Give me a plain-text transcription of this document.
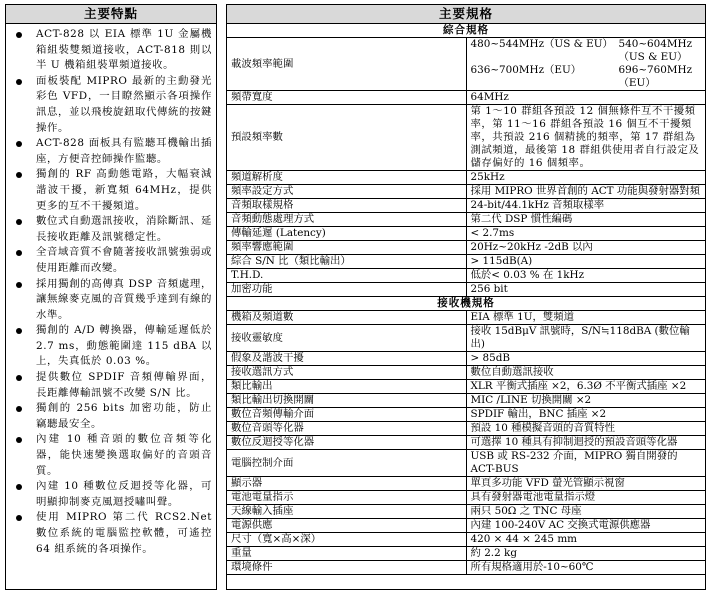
主要特點
ACT-828 以 EIA 標準 1U 金屬機箱組裝雙頻道接收，ACT-818 則以半 U 機箱組裝單頻道接收。
面板裝配 MIPRO 最新的主動發光彩色 VFD，一目瞭然顯示各項操作訊息，並以飛梭旋鈕取代傳統的按鍵操作。
ACT-828 面板具有監聽耳機輸出插座，方便音控師操作監聽。
獨創的 RF 高動態電路，大幅衰減諧波干擾，新寬頻 64MHz，提供更多的互不干擾頻道。
數位式自動選訊接收，消除斷訊、延長接收距離及訊號穩定性。
全音域音質不會隨著接收訊號強弱或使用距離而改變。
採用獨創的高傳真 DSP 音頻處理，讓無線麥克風的音質幾乎達到有線的水準。
獨創的 A/D 轉換器，傳輸延遲低於 2.7 ms，動態範圍達 115 dBA 以上，失真低於 0.03 %。
提供數位 SPDIF 音頻傳輸界面，長距離傳輸訊號不改變 S/N 比。
獨創的 256 bits 加密功能，防止竊聽最安全。
內建 10 種音頭的數位音頻等化器，能快速變換選取偏好的音頭音質。
內建 10 種數位反迴授等化器，可明顯抑制麥克風迴授嘯叫聲。
使用 MIPRO 第二代 RCS2.Net 數位系統的電腦監控軟體，可遙控 64 組系統的各項操作。
主要規格
綜合規格	
載波頻率範圍	480~544MHz（US & EU） 540~604MHz（US & EU）
636~700MHz（EU） 696~760MHz（EU）

頻帶寬度	64MHz
預設頻率數	第 1～10 群組各預設 12 個無條件互不干擾頻率，第 11～16 群組各預設 16 個互不干擾頻率，共預設 216 個精挑的頻率，第 17 群組為測試頻道，最後第 18 群組供使用者自行設定及儲存偏好的 16 個頻率。
頻道解析度	25kHz
頻率設定方式	採用 MIPRO 世界首創的 ACT 功能與發射器對頻
音頻取樣規格	24-bit/44.1kHz 音頻取樣率
音頻動態處理方式	第二代 DSP 慣性編碼
傳輸延遲 (Latency)	< 2.7ms
頻率響應範圍	20Hz~20kHz -2dB 以內
綜合 S/N 比（類比輸出）	> 115dB(A)
T.H.D.	低於< 0.03 % 在 1kHz
加密功能	256 bit
接收機規格	
機箱及頻道數	EIA 標準 1U，雙頻道
接收靈敏度	接收 15dBμV 訊號時，S/N≒118dBA (數位輸出)
假象及諧波干擾	> 85dB
接收選訊方式	數位自動選訊接收
類比輸出	XLR 平衡式插座 ×2，6.3Ø 不平衡式插座 ×2
類比輸出切換開關	MIC /LINE 切換開關 ×2
數位音頻傳輸介面	SPDIF 輸出，BNC 插座 ×2
數位音頭等化器	預設 10 種模擬音頭的音質特性
數位反迴授等化器	可選擇 10 種具有抑制迴授的預設音頭等化器
電腦控制介面	USB 或 RS-232 介面，MIPRO 獨自開發的 ACT-BUS
顯示器	單頁多功能 VFD 螢光管顯示視窗
電池電量指示	具有發射器電池電量指示燈
天線輸入插座	兩只 50Ω 之 TNC 母座
電源供應	內建 100-240V AC 交換式電源供應器
尺寸（寬×高×深）	420 × 44 × 245 mm
重量	約 2.2 kg
環境條件	所有規格適用於-10~60℃
